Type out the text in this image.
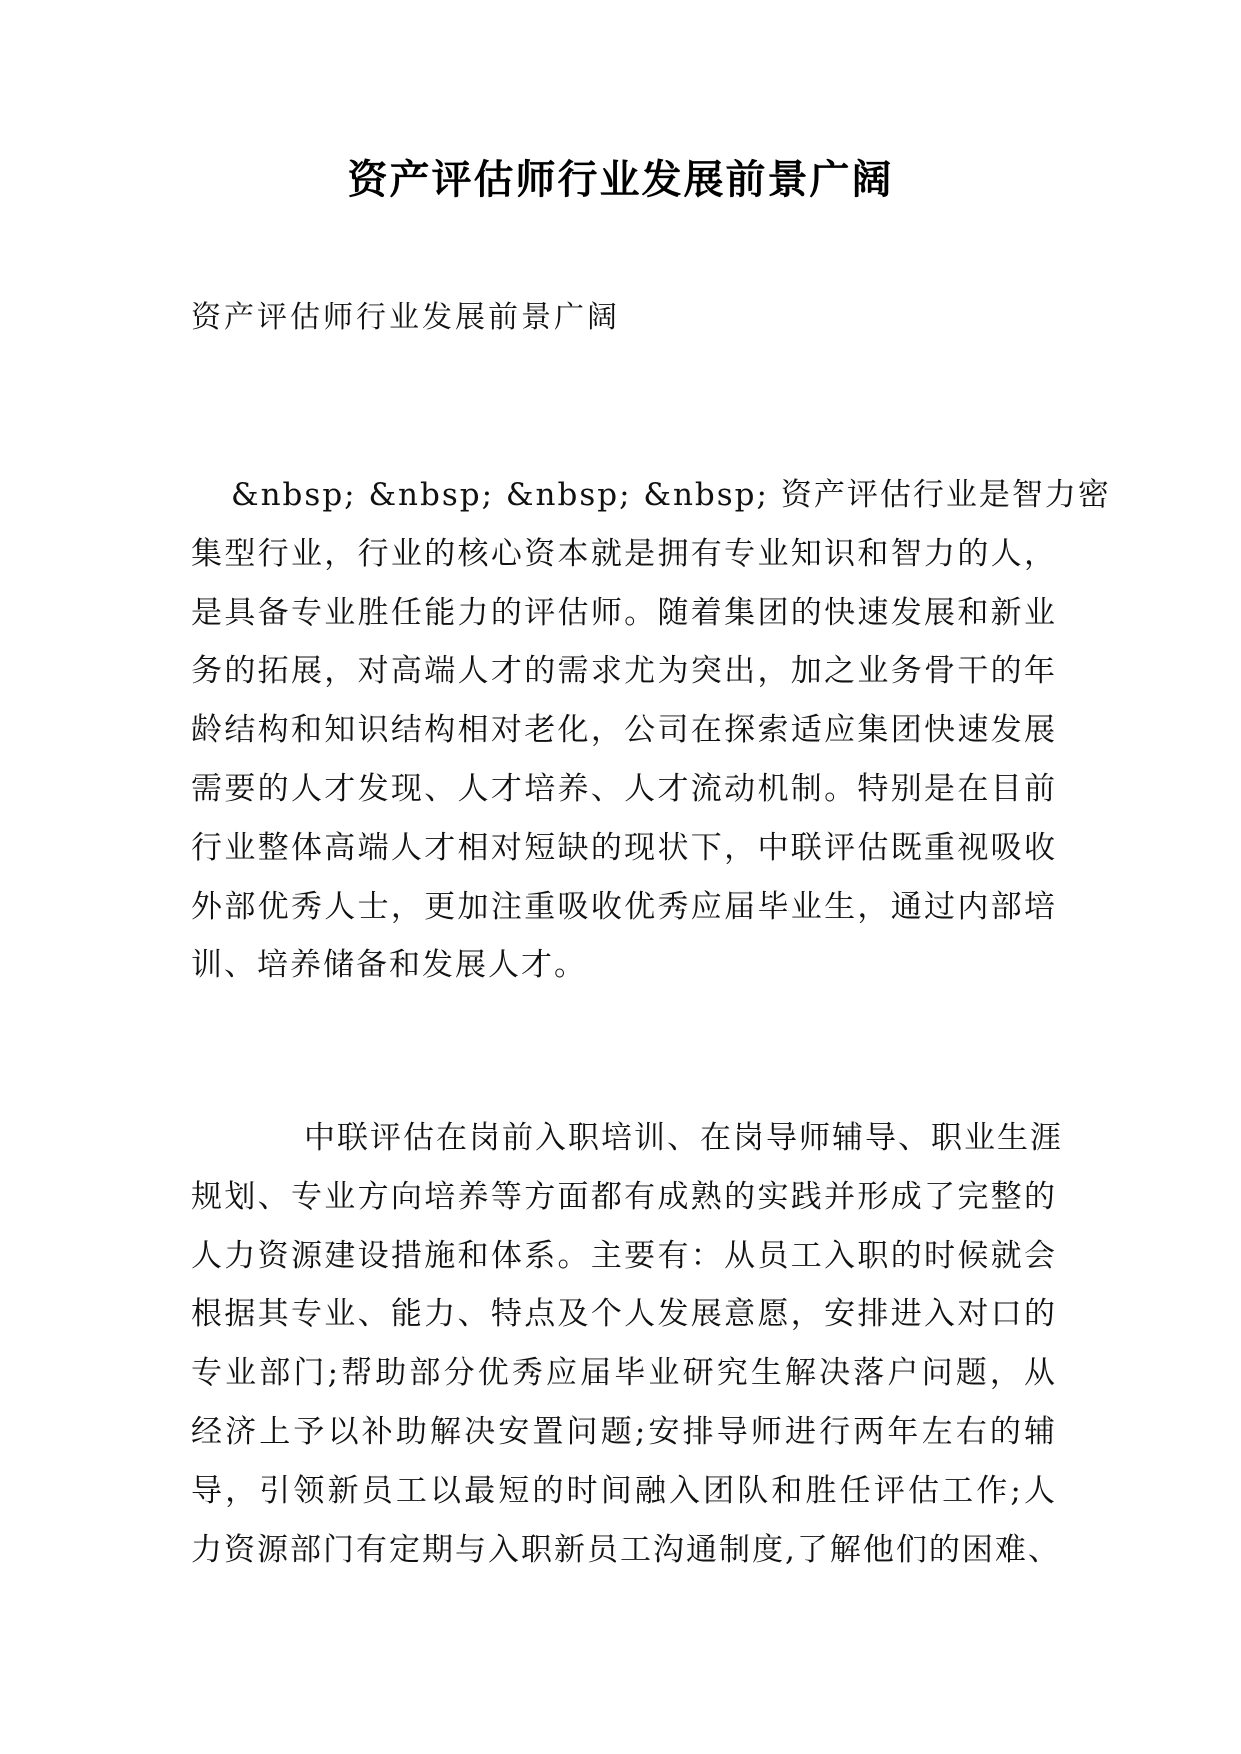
资产评估师行业发展前景广阔
资产评估师行业发展前景广阔
&nbsp; &nbsp; &nbsp; &nbsp; 资产评估行业是智力密
集型行业，行业的核心资本就是拥有专业知识和智力的人，
是具备专业胜任能力的评估师。随着集团的快速发展和新业
务的拓展，对高端人才的需求尤为突出，加之业务骨干的年
龄结构和知识结构相对老化，公司在探索适应集团快速发展
需要的人才发现、人才培养、人才流动机制。特别是在目前
行业整体高端人才相对短缺的现状下，中联评估既重视吸收
外部优秀人士，更加注重吸收优秀应届毕业生，通过内部培
训、培养储备和发展人才。
中联评估在岗前入职培训、在岗导师辅导、职业生涯
规划、专业方向培养等方面都有成熟的实践并形成了完整的
人力资源建设措施和体系。主要有：从员工入职的时候就会
根据其专业、能力、特点及个人发展意愿，安排进入对口的
专业部门;帮助部分优秀应届毕业研究生解决落户问题，从
经济上予以补助解决安置问题;安排导师进行两年左右的辅
导，引领新员工以最短的时间融入团队和胜任评估工作;人
力资源部门有定期与入职新员工沟通制度,了解他们的困难、
